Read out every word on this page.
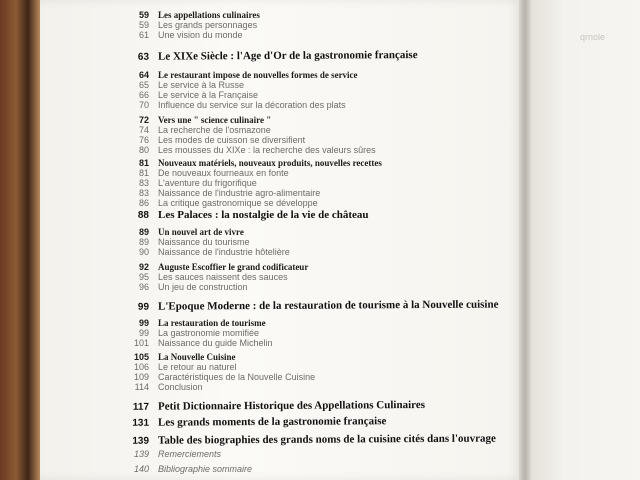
qrnole
59 Les appellations culinaires
59 Les grands personnages
61 Une vision du monde
63 Le XIXe Siècle : l'Age d'Or de la gastronomie française
64 Le restaurant impose de nouvelles formes de service
65 Le service à la Russe
66 Le service à la Française
70 Influence du service sur la décoration des plats
72 Vers une " science culinaire "
74 La recherche de l'osmazone
76 Les modes de cuisson se diversifient
80 Les mousses du XIXe : la recherche des valeurs sûres
81 Nouveaux matériels, nouveaux produits, nouvelles recettes
81 De nouveaux fourneaux en fonte
83 L'aventure du frigorifique
83 Naissance de l'industrie agro-alimentaire
86 La critique gastronomique se développe
88 Les Palaces : la nostalgie de la vie de château
89 Un nouvel art de vivre
89 Naissance du tourisme
90 Naissance de l'industrie hôtelière
92 Auguste Escoffier le grand codificateur
95 Les sauces naissent des sauces
96 Un jeu de construction
99 L'Epoque Moderne : de la restauration de tourisme à la Nouvelle cuisine
99 La restauration de tourisme
99 La gastronomie momifiée
101 Naissance du guide Michelin
105 La Nouvelle Cuisine
106 Le retour au naturel
109 Caractéristiques de la Nouvelle Cuisine
114 Conclusion
117 Petit Dictionnaire Historique des Appellations Culinaires
131 Les grands moments de la gastronomie française
139 Table des biographies des grands noms de la cuisine cités dans l'ouvrage
139 Remerciements
140 Bibliographie sommaire
